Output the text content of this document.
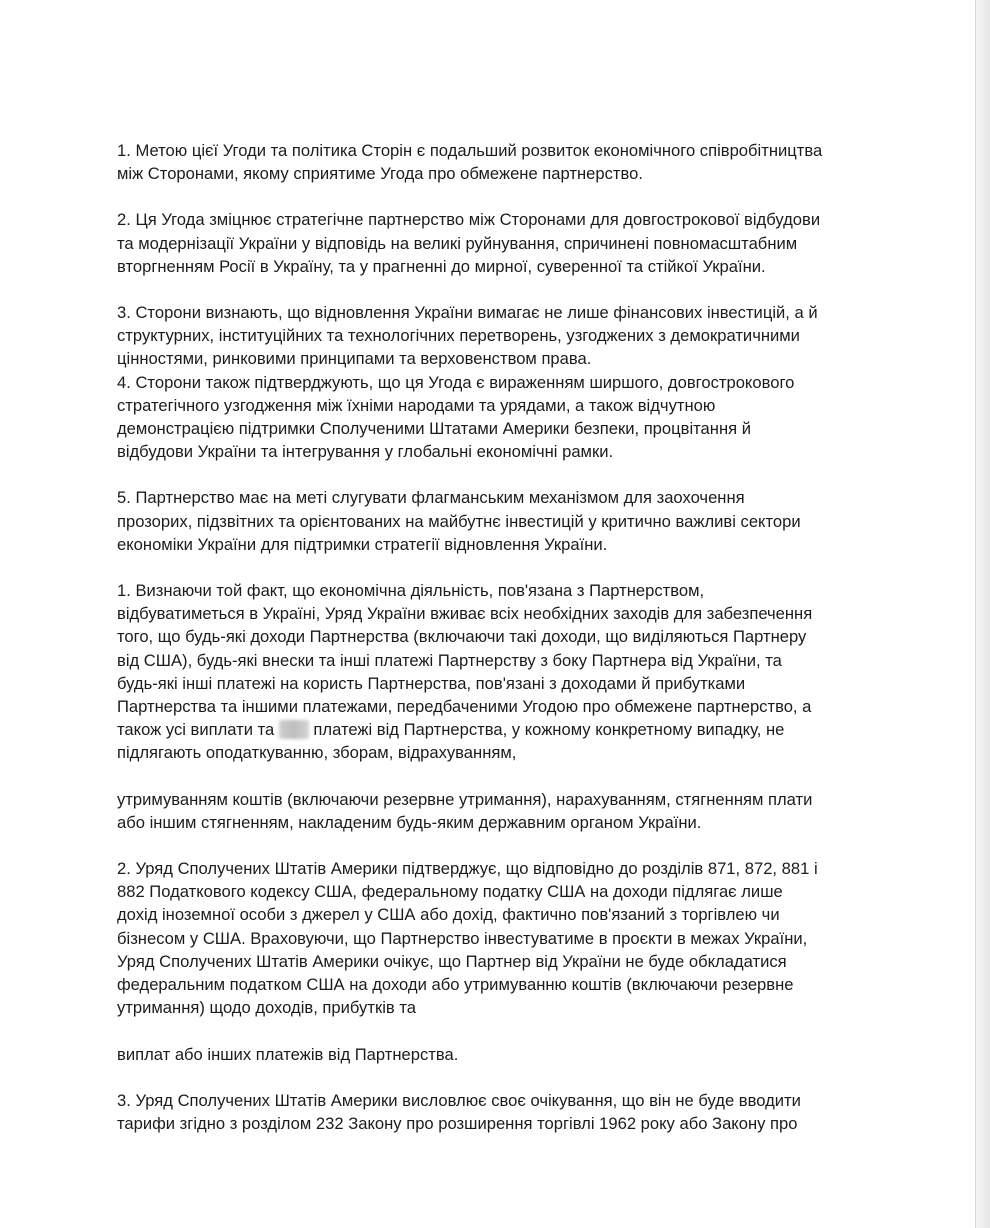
1. Метою цієї Угоди та політика Сторін є подальший розвиток економічного співробітництва
між Сторонами, якому сприятиме Угода про обмежене партнерство.

2. Ця Угода зміцнює стратегічне партнерство між Сторонами для довгострокової відбудови
та модернізації України у відповідь на великі руйнування, спричинені повномасштабним
вторгненням Росії в Україну, та у прагненні до мирної, суверенної та стійкої України.

3. Сторони визнають, що відновлення України вимагає не лише фінансових інвестицій, а й
структурних, інституційних та технологічних перетворень, узгоджених з демократичними
цінностями, ринковими принципами та верховенством права.

4. Сторони також підтверджують, що ця Угода є вираженням ширшого, довгострокового
стратегічного узгодження між їхніми народами та урядами, а також відчутною
демонстрацією підтримки Сполученими Штатами Америки безпеки, процвітання й
відбудови України та інтегрування у глобальні економічні рамки.

5. Партнерство має на меті слугувати флагманським механізмом для заохочення
прозорих, підзвітних та орієнтованих на майбутнє інвестицій у критично важливі сектори
економіки України для підтримки стратегії відновлення України.

1. Визнаючи той факт, що економічна діяльність, пов'язана з Партнерством,
відбуватиметься в Україні, Уряд України вживає всіх необхідних заходів для забезпечення
того, що будь-які доходи Партнерства (включаючи такі доходи, що виділяються Партнеру
від США), будь-які внески та інші платежі Партнерству з боку Партнера від України, та
будь-які інші платежі на користь Партнерства, пов'язані з доходами й прибутками
Партнерства та іншими платежами, передбаченими Угодою про обмежене партнерство, а
також усі виплати та платежі від Партнерства, у кожному конкретному випадку, не
підлягають оподаткуванню, зборам, відрахуванням,

утримуванням коштів (включаючи резервне утримання), нарахуванням, стягненням плати
або іншим стягненням, накладеним будь-яким державним органом України.

2. Уряд Сполучених Штатів Америки підтверджує, що відповідно до розділів 871, 872, 881 і
882 Податкового кодексу США, федеральному податку США на доходи підлягає лише
дохід іноземної особи з джерел у США або дохід, фактично пов'язаний з торгівлею чи
бізнесом у США. Враховуючи, що Партнерство інвестуватиме в проєкти в межах України,
Уряд Сполучених Штатів Америки очікує, що Партнер від України не буде обкладатися
федеральним податком США на доходи або утримуванню коштів (включаючи резервне
утримання) щодо доходів, прибутків та

виплат або інших платежів від Партнерства.

3. Уряд Сполучених Штатів Америки висловлює своє очікування, що він не буде вводити
тарифи згідно з розділом 232 Закону про розширення торгівлі 1962 року або Закону про
